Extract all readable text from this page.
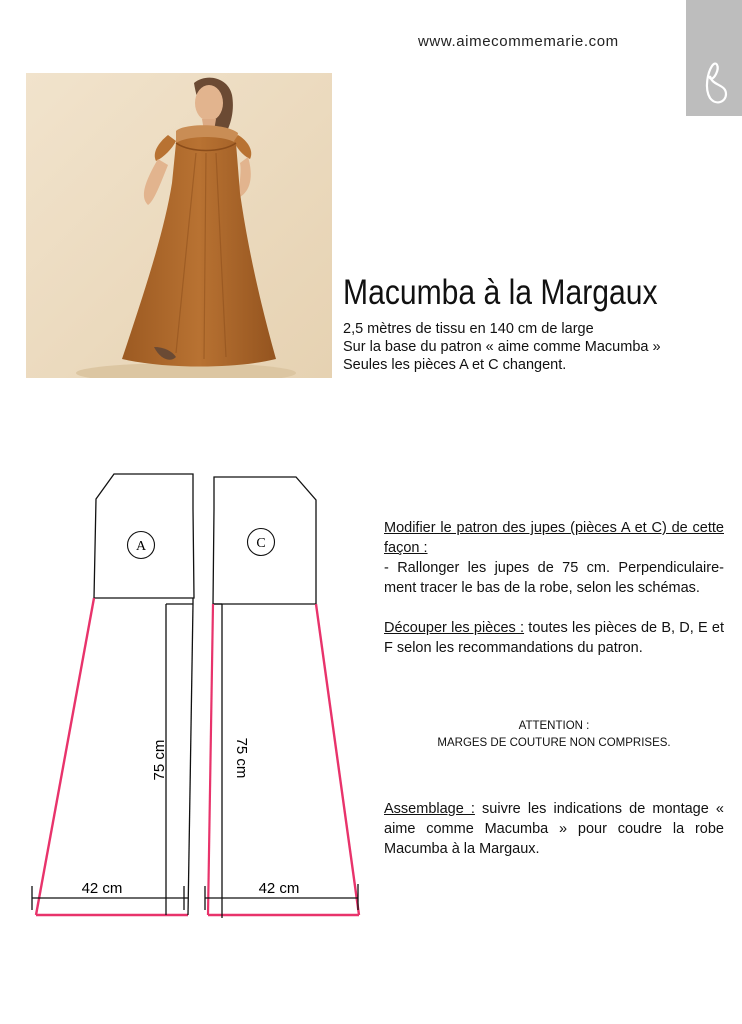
www.aimecommemarie.com
Macumba à la Margaux
2,5 mètres de tissu en 140 cm de large
Sur la base du patron « aime comme Macumba »
Seules les pièces A et C changent.
A
75 cm
42 cm
C
75 cm
42 cm

Modifier le patron des jupes (pièces A et C) de cette façon :
- Rallonger les jupes de 75 cm. Perpendiculaire-ment tracer le bas de la robe, selon les schémas.

Découper les pièces : toutes les pièces de B, D, E et F selon les recommandations du patron.

ATTENTION :
MARGES DE COUTURE NON COMPRISES.
Assemblage : suivre les indications de montage « aime comme Macumba » pour coudre la robe Macumba à la Margaux.
